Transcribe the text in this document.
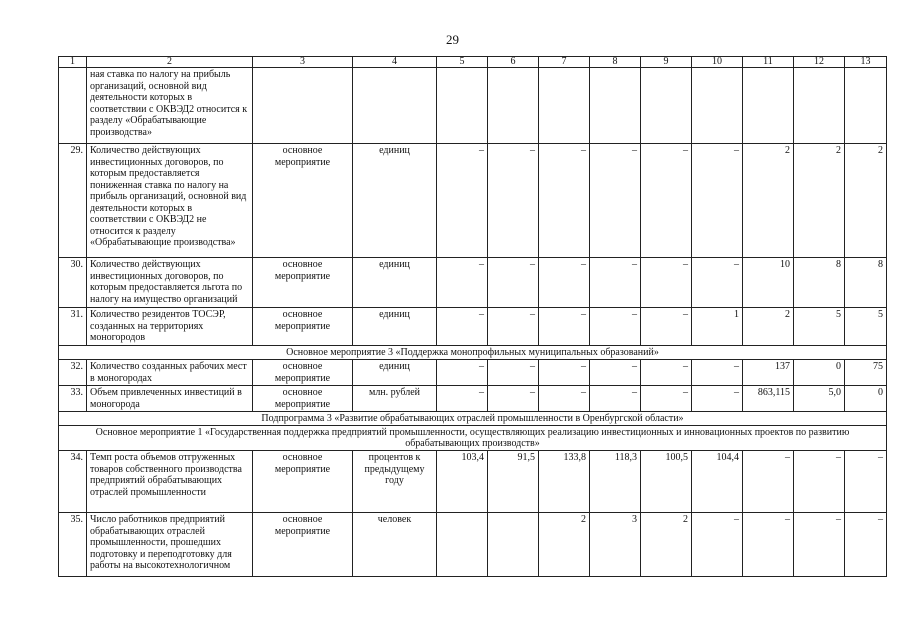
29
1	2	3	4	5	6	7	8	9	10	11	12	13
	ная ставка по налогу на прибыль организаций, основной вид деятельности которых в соответствии с ОКВЭД2 относится к разделу «Обрабатывающие производства»											
29.	Количество действующих инвестиционных договоров, по которым предоставляется пониженная ставка по налогу на прибыль организаций, основной вид деятельности которых в соответствии с ОКВЭД2 не относится к разделу «Обрабатывающие производства»	основное мероприятие	единиц	–	–	–	–	–	–	2	2	2
30.	Количество действующих инвестиционных договоров, по которым предоставляется льгота по налогу на имущество организаций	основное мероприятие	единиц	–	–	–	–	–	–	10	8	8
31.	Количество резидентов ТОСЭР, созданных на территориях моногородов	основное мероприятие	единиц	–	–	–	–	–	1	2	5	5
Основное мероприятие 3 «Поддержка монопрофильных муниципальных образований»												
32.	Количество созданных рабочих мест в моногородах	основное мероприятие	единиц	–	–	–	–	–	–	137	0	75
33.	Объем привлеченных инвестиций в моногорода	основное мероприятие	млн. рублей	–	–	–	–	–	–	863,115	5,0	0
Подпрограмма 3 «Развитие обрабатывающих отраслей промышленности в Оренбургской области»												
Основное мероприятие 1 «Государственная поддержка предприятий промышленности, осуществляющих реализацию инвестиционных и инновационных проектов по развитию обрабатывающих производств»												
34.	Темп роста объемов отгруженных товаров собственного производства предприятий обрабатывающих отраслей промышленности	основное мероприятие	процентов к предыдущему году	103,4	91,5	133,8	118,3	100,5	104,4	–	–	–
35.	Число работников предприятий обрабатывающих отраслей промышленности, прошедших подготовку и переподготовку для работы на высокотехнологичном	основное мероприятие	человек			2	3	2	–	–	–	–
